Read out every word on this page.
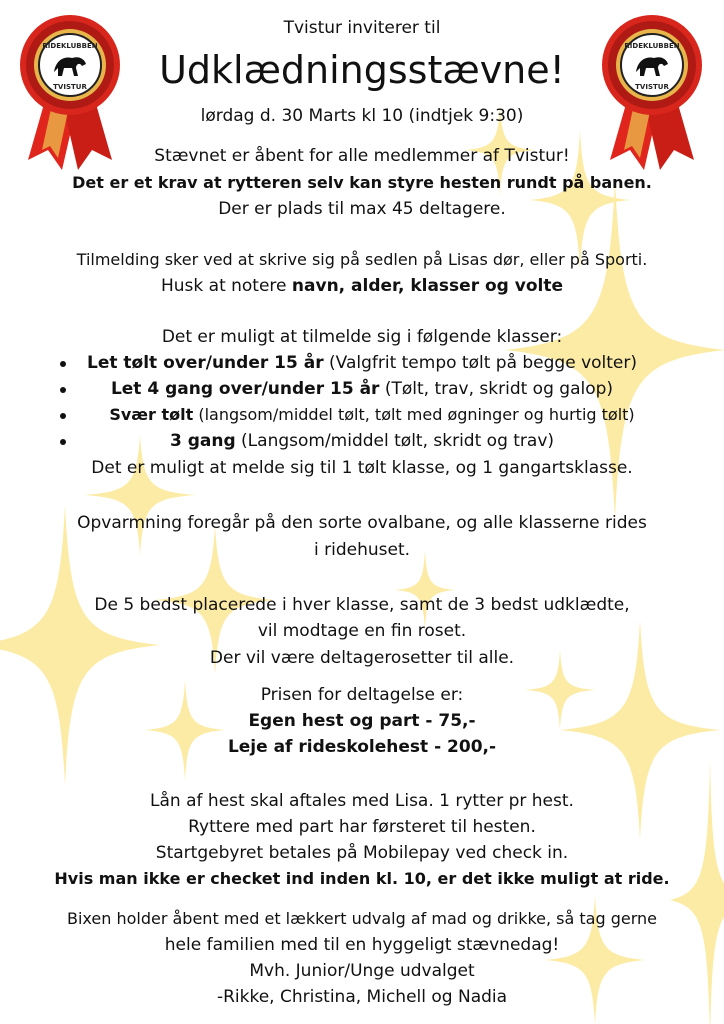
RIDEKLUBBEN
TVISTUR
RIDEKLUBBEN
TVISTUR
Tvistur inviterer til
Udklædningsstævne!
lørdag d. 30 Marts kl 10 (indtjek 9:30)
Stævnet er åbent for alle medlemmer af Tvistur!
Det er et krav at rytteren selv kan styre hesten rundt på banen.
Der er plads til max 45 deltagere.
Tilmelding sker ved at skrive sig på sedlen på Lisas dør, eller på Sporti.
Husk at notere navn, alder, klasser og volte
Det er muligt at tilmelde sig i følgende klasser:
Let tølt over/under 15 år (Valgfrit tempo tølt på begge volter)
Let 4 gang over/under 15 år (Tølt, trav, skridt og galop)
Svær tølt (langsom/middel tølt, tølt med øgninger og hurtig tølt)
3 gang (Langsom/middel tølt, skridt og trav)
Det er muligt at melde sig til 1 tølt klasse, og 1 gangartsklasse.
Opvarmning foregår på den sorte ovalbane, og alle klasserne rides
i ridehuset.
De 5 bedst placerede i hver klasse, samt de 3 bedst udklædte,
vil modtage en fin roset.
Der vil være deltagerosetter til alle.
Prisen for deltagelse er:
Egen hest og part - 75,-
Leje af rideskolehest - 200,-
Lån af hest skal aftales med Lisa. 1 rytter pr hest.
Ryttere med part har førsteret til hesten.
Startgebyret betales på Mobilepay ved check in.
Hvis man ikke er checket ind inden kl. 10, er det ikke muligt at ride.
Bixen holder åbent med et lækkert udvalg af mad og drikke, så tag gerne
hele familien med til en hyggeligt stævnedag!
Mvh. Junior/Unge udvalget
-Rikke, Christina, Michell og Nadia
